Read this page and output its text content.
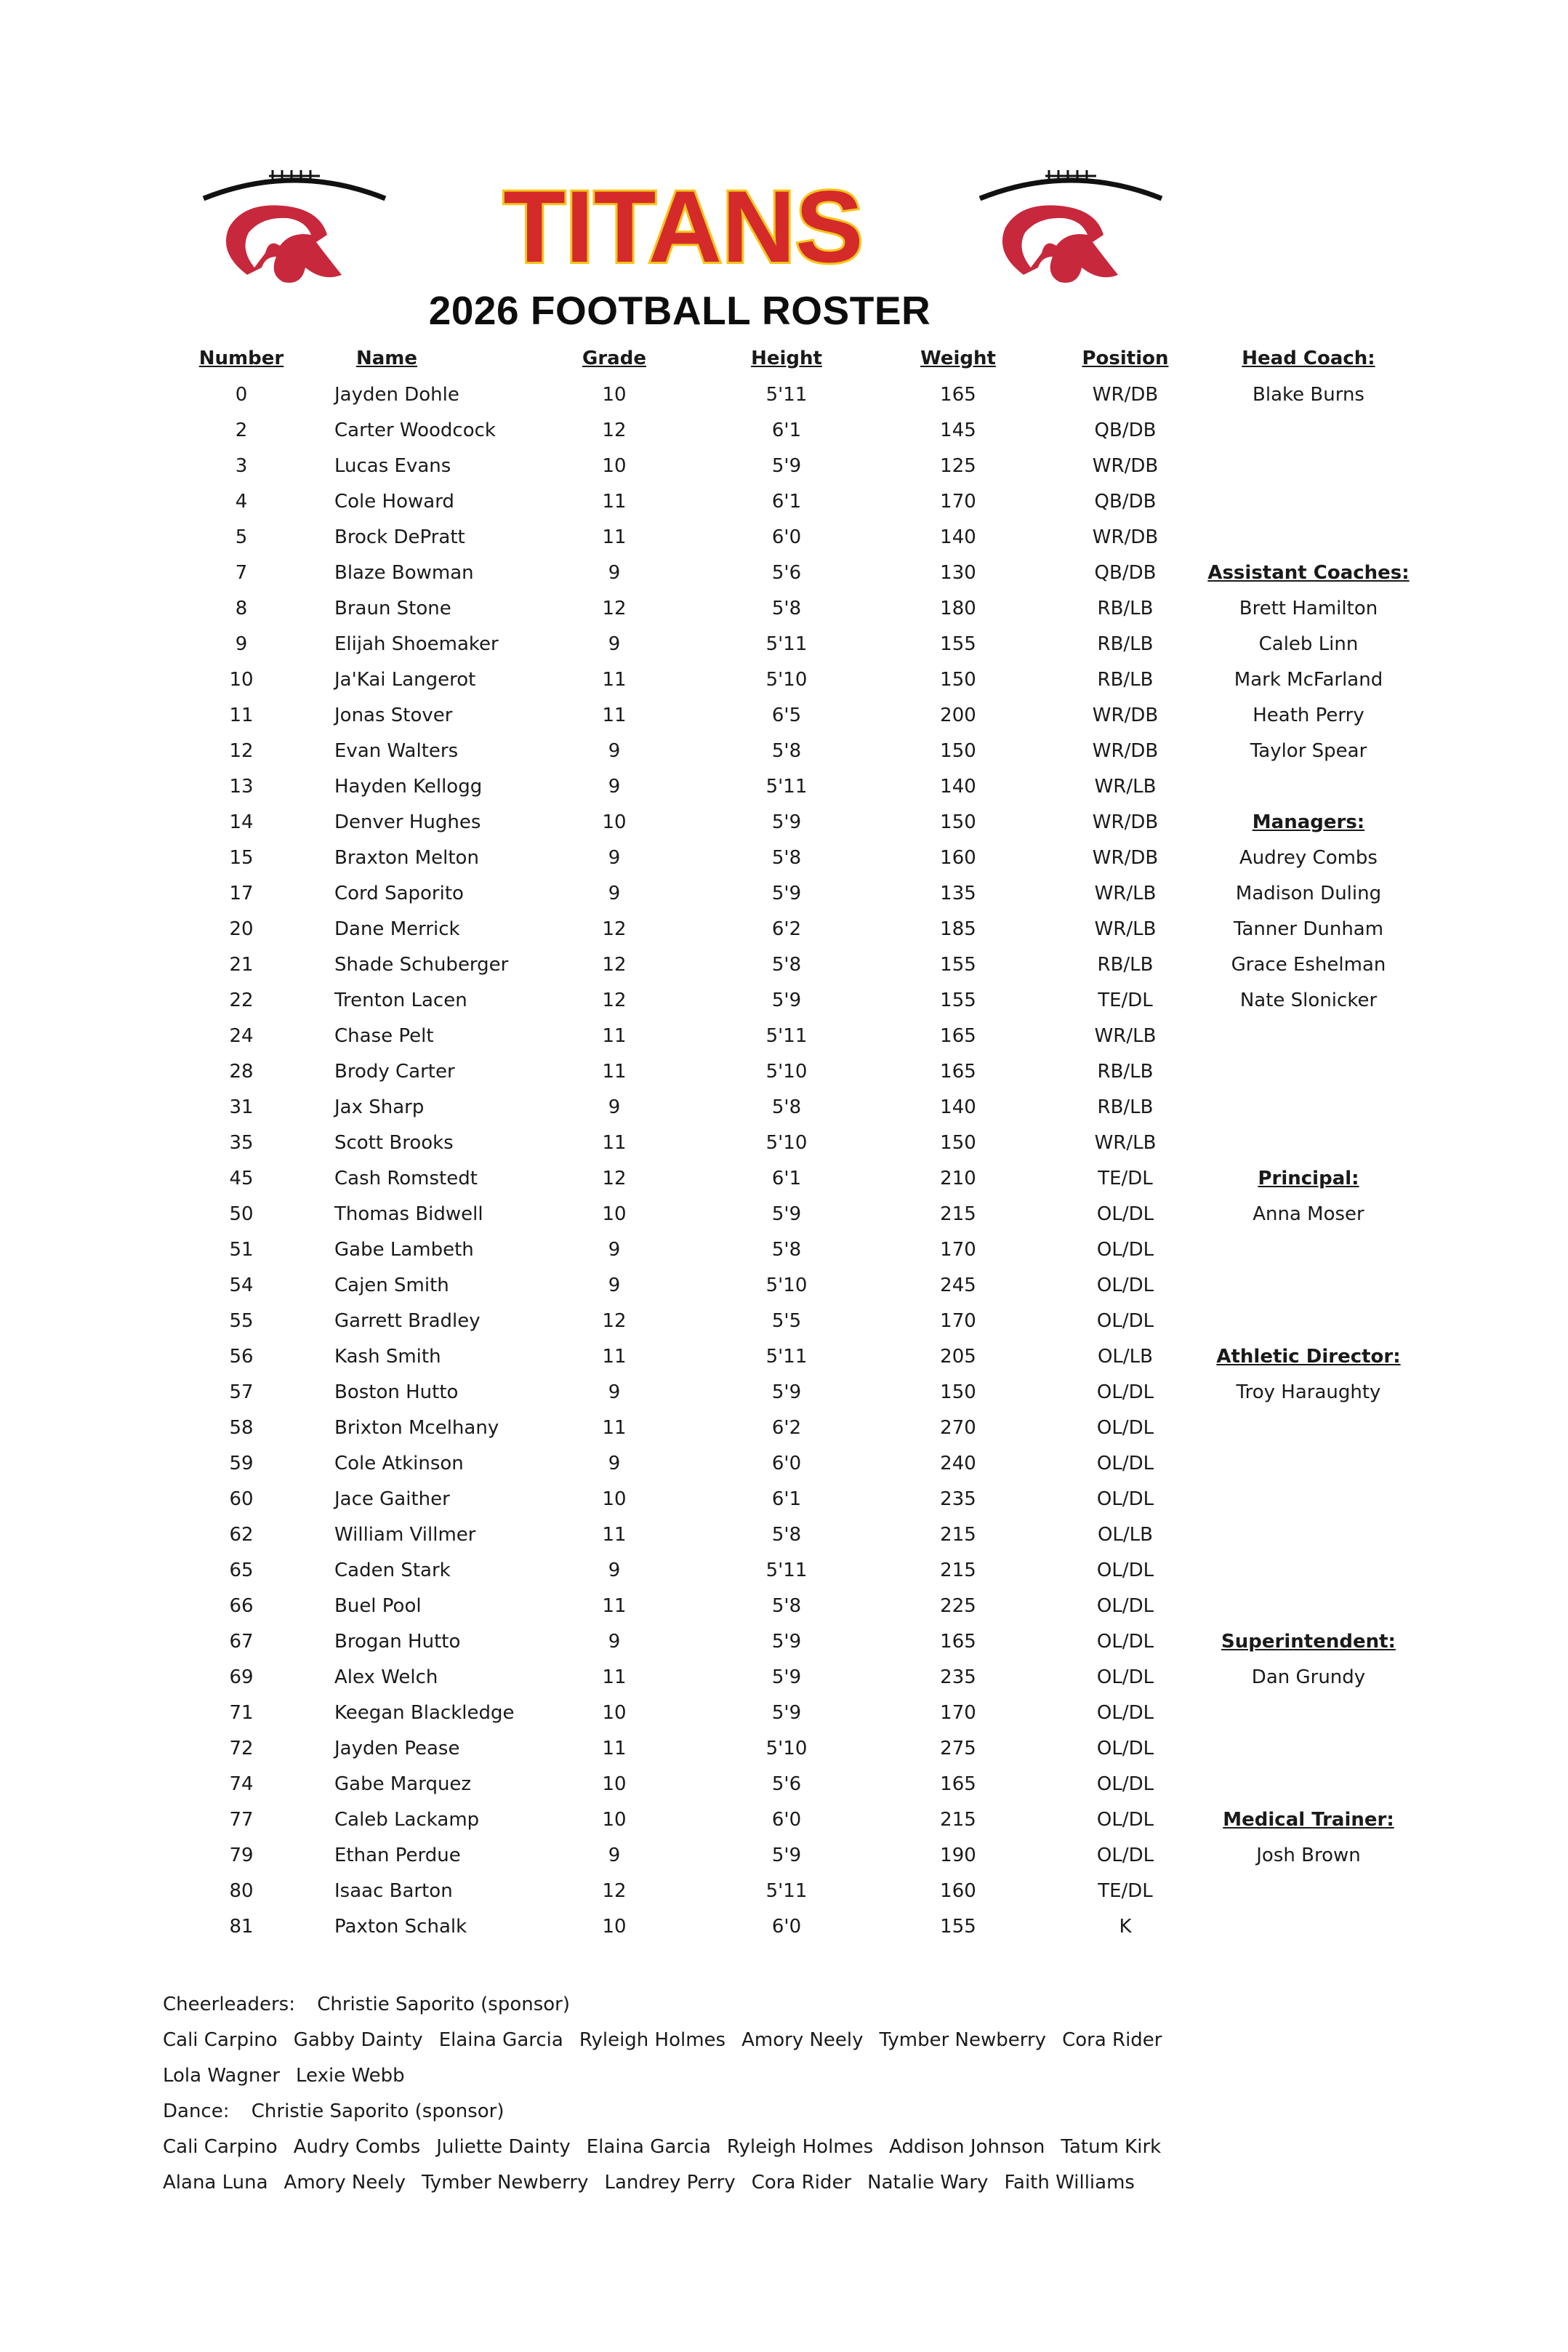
TITANS
2026 FOOTBALL ROSTER
Number	Name	Grade	Height	Weight	Position
0	Jayden Dohle	10	5'11	165	WR/DB
2	Carter Woodcock	12	6'1	145	QB/DB
3	Lucas Evans	10	5'9	125	WR/DB
4	Cole Howard	11	6'1	170	QB/DB
5	Brock DePratt	11	6'0	140	WR/DB
7	Blaze Bowman	9	5'6	130	QB/DB
8	Braun Stone	12	5'8	180	RB/LB
9	Elijah Shoemaker	9	5'11	155	RB/LB
10	Ja'Kai Langerot	11	5'10	150	RB/LB
11	Jonas Stover	11	6'5	200	WR/DB
12	Evan Walters	9	5'8	150	WR/DB
13	Hayden Kellogg	9	5'11	140	WR/LB
14	Denver Hughes	10	5'9	150	WR/DB
15	Braxton Melton	9	5'8	160	WR/DB
17	Cord Saporito	9	5'9	135	WR/LB
20	Dane Merrick	12	6'2	185	WR/LB
21	Shade Schuberger	12	5'8	155	RB/LB
22	Trenton Lacen	12	5'9	155	TE/DL
24	Chase Pelt	11	5'11	165	WR/LB
28	Brody Carter	11	5'10	165	RB/LB
31	Jax Sharp	9	5'8	140	RB/LB
35	Scott Brooks	11	5'10	150	WR/LB
45	Cash Romstedt	12	6'1	210	TE/DL
50	Thomas Bidwell	10	5'9	215	OL/DL
51	Gabe Lambeth	9	5'8	170	OL/DL
54	Cajen Smith	9	5'10	245	OL/DL
55	Garrett Bradley	12	5'5	170	OL/DL
56	Kash Smith	11	5'11	205	OL/LB
57	Boston Hutto	9	5'9	150	OL/DL
58	Brixton Mcelhany	11	6'2	270	OL/DL
59	Cole Atkinson	9	6'0	240	OL/DL
60	Jace Gaither	10	6'1	235	OL/DL
62	William Villmer	11	5'8	215	OL/LB
65	Caden Stark	9	5'11	215	OL/DL
66	Buel Pool	11	5'8	225	OL/DL
67	Brogan Hutto	9	5'9	165	OL/DL
69	Alex Welch	11	5'9	235	OL/DL
71	Keegan Blackledge	10	5'9	170	OL/DL
72	Jayden Pease	11	5'10	275	OL/DL
74	Gabe Marquez	10	5'6	165	OL/DL
77	Caleb Lackamp	10	6'0	215	OL/DL
79	Ethan Perdue	9	5'9	190	OL/DL
80	Isaac Barton	12	5'11	160	TE/DL
81	Paxton Schalk	10	6'0	155	K
Head Coach:
Blake Burns
Assistant Coaches:
Brett Hamilton
Caleb Linn
Mark McFarland
Heath Perry
Taylor Spear
Managers:
Audrey Combs
Madison Duling
Tanner Dunham
Grace Eshelman
Nate Slonicker
Principal:
Anna Moser
Athletic Director:
Troy Haraughty
Superintendent:
Dan Grundy
Medical Trainer:
Josh Brown
Cheerleaders: Christie Saporito (sponsor)
Cali Carpino Gabby Dainty Elaina Garcia Ryleigh Holmes Amory Neely Tymber Newberry Cora Rider
Lola Wagner Lexie Webb
Dance: Christie Saporito (sponsor)
Cali Carpino Audry Combs Juliette Dainty Elaina Garcia Ryleigh Holmes Addison Johnson Tatum Kirk
Alana Luna Amory Neely Tymber Newberry Landrey Perry Cora Rider Natalie Wary Faith Williams
